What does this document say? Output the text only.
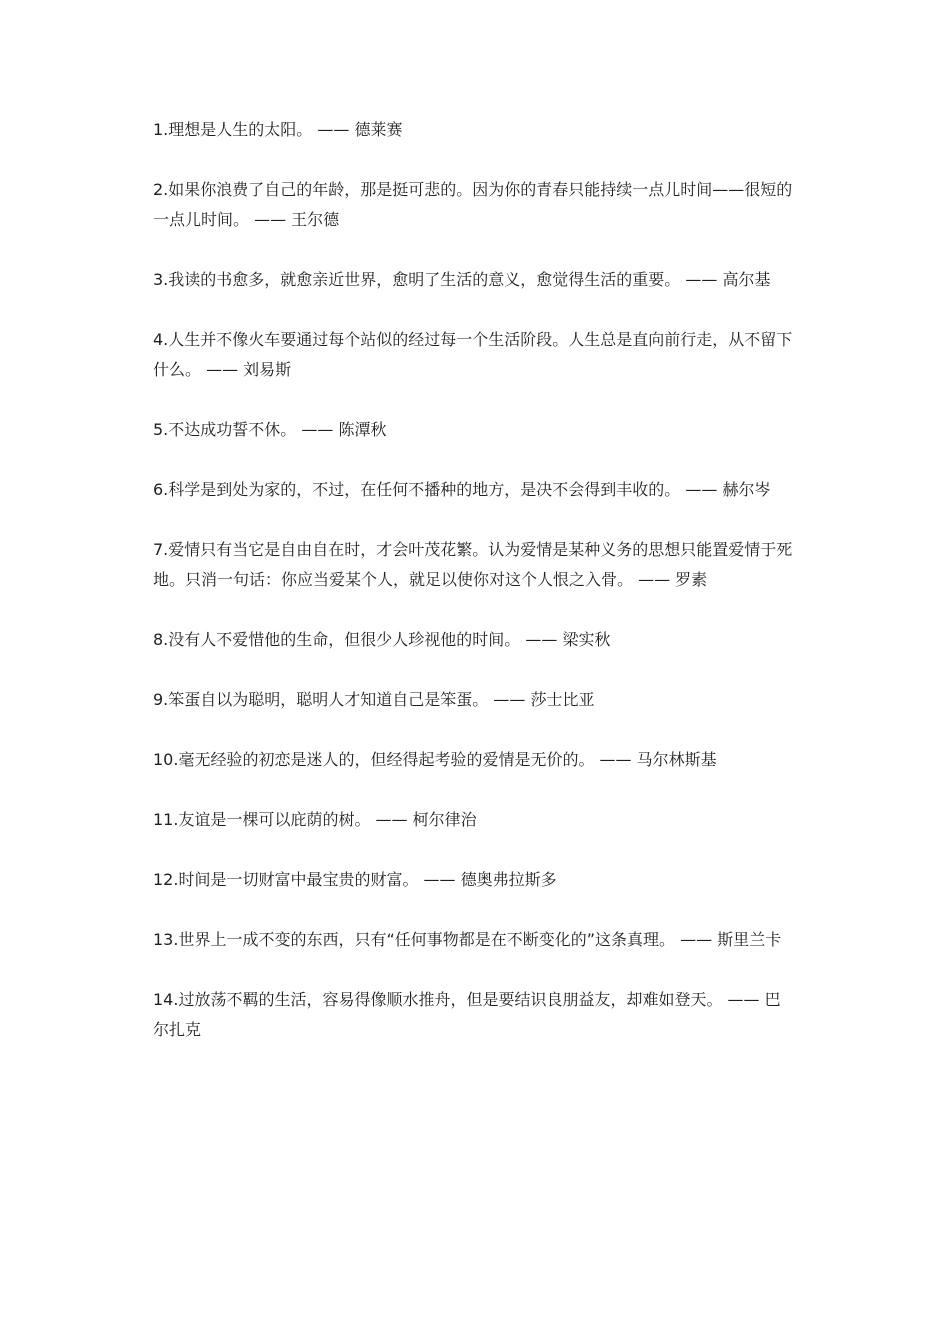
1.理想是人生的太阳。 —— 德莱赛

2.如果你浪费了自己的年龄，那是挺可悲的。因为你的青春只能持续一点儿时间——很短的一点儿时间。 —— 王尔德

3.我读的书愈多，就愈亲近世界，愈明了生活的意义，愈觉得生活的重要。 —— 高尔基

4.人生并不像火车要通过每个站似的经过每一个生活阶段。人生总是直向前行走，从不留下什么。 —— 刘易斯

5.不达成功誓不休。 —— 陈潭秋

6.科学是到处为家的，不过，在任何不播种的地方，是决不会得到丰收的。 —— 赫尔岑

7.爱情只有当它是自由自在时，才会叶茂花繁。认为爱情是某种义务的思想只能置爱情于死地。只消一句话：你应当爱某个人，就足以使你对这个人恨之入骨。 —— 罗素

8.没有人不爱惜他的生命，但很少人珍视他的时间。 —— 梁实秋

9.笨蛋自以为聪明，聪明人才知道自己是笨蛋。 —— 莎士比亚

10.毫无经验的初恋是迷人的，但经得起考验的爱情是无价的。 —— 马尔林斯基

11.友谊是一棵可以庇荫的树。 —— 柯尔律治

12.时间是一切财富中最宝贵的财富。 —— 德奥弗拉斯多

13.世界上一成不变的东西，只有“任何事物都是在不断变化的”这条真理。 —— 斯里兰卡

14.过放荡不羁的生活，容易得像顺水推舟，但是要结识良朋益友，却难如登天。 —— 巴尔扎克
